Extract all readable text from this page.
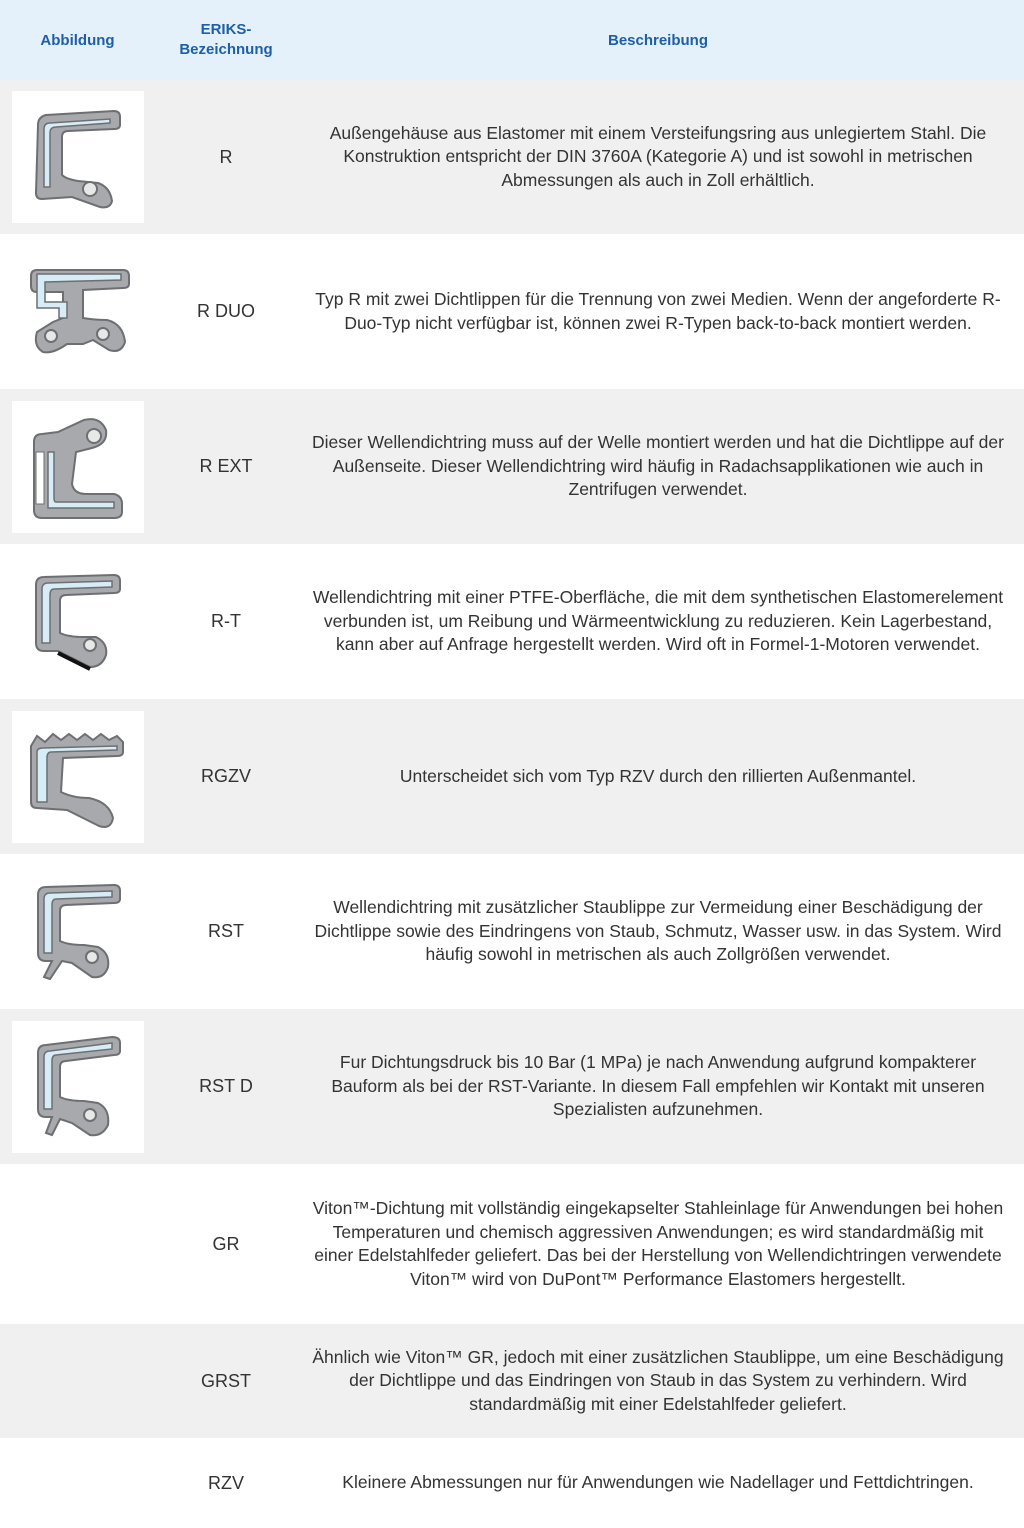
Abbildung
ERIKS-
Bezeichnung
Beschreibung
R
Außengehäuse aus Elastomer mit einem Versteifungsring aus unlegiertem Stahl. Die Konstruktion entspricht der DIN 3760A (Kategorie A) und ist sowohl in metrischen Abmessungen als auch in Zoll erhältlich.
R DUO
Typ R mit zwei Dichtlippen für die Trennung von zwei Medien. Wenn der angeforderte R-Duo-Typ nicht verfügbar ist, können zwei R-Typen back-to-back montiert werden.
R EXT
Dieser Wellendichtring muss auf der Welle montiert werden und hat die Dichtlippe auf der Außenseite. Dieser Wellendichtring wird häufig in Radachsapplikationen wie auch in Zentrifugen verwendet.
R-T
Wellendichtring mit einer PTFE-Oberfläche, die mit dem synthetischen Elastomerelement verbunden ist, um Reibung und Wärmeentwicklung zu reduzieren. Kein Lagerbestand, kann aber auf Anfrage hergestellt werden. Wird oft in Formel-1-Motoren verwendet.
RGZV	Unterscheidet sich vom Typ RZV durch den rillierten Außenmantel.
RST
Wellendichtring mit zusätzlicher Staublippe zur Vermeidung einer Beschädigung der Dichtlippe sowie des Eindringens von Staub, Schmutz, Wasser usw. in das System. Wird häufig sowohl in metrischen als auch Zollgrößen verwendet.
RST D
Fur Dichtungsdruck bis 10 Bar (1 MPa) je nach Anwendung aufgrund kompakterer Bauform als bei der RST-Variante. In diesem Fall empfehlen wir Kontakt mit unseren Spezialisten aufzunehmen.
GR
Viton™-Dichtung mit vollständig eingekapselter Stahleinlage für Anwendungen bei hohen Temperaturen und chemisch aggressiven Anwendungen; es wird standardmäßig mit einer Edelstahlfeder geliefert. Das bei der Herstellung von Wellendichtringen verwendete Viton™ wird von DuPont™ Performance Elastomers hergestellt.
GRST
Ähnlich wie Viton™ GR, jedoch mit einer zusätzlichen Staublippe, um eine Beschädigung der Dichtlippe und das Eindringen von Staub in das System zu verhindern. Wird standardmäßig mit einer Edelstahlfeder geliefert.
RZV	Kleinere Abmessungen nur für Anwendungen wie Nadellager und Fettdichtringen.
